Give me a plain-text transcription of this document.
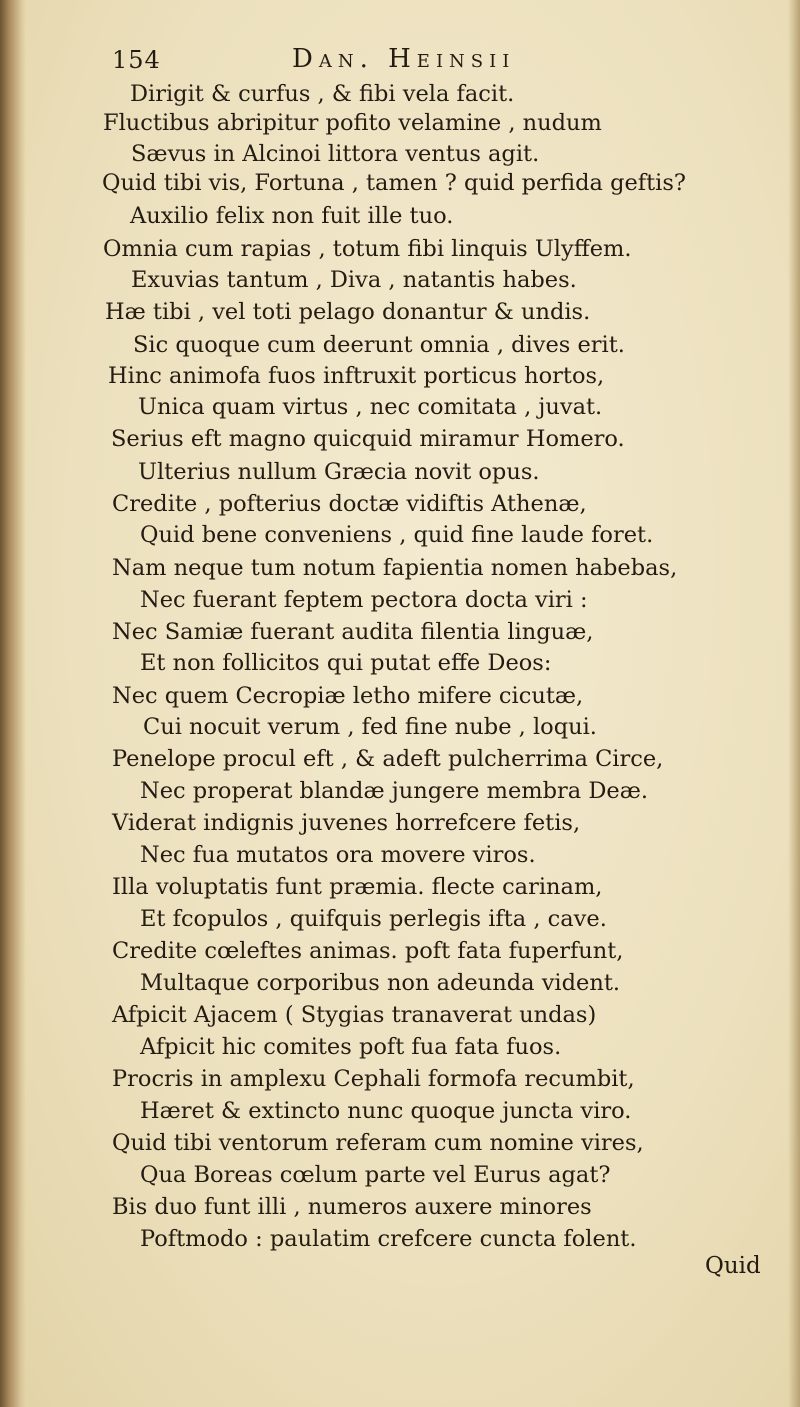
154	Dan. Heinsii
Dirigit & curfus , & fibi vela facit.
Fluctibus abripitur pofito velamine , nudum
Sævus in Alcinoi littora ventus agit.
Quid tibi vis, Fortuna , tamen ? quid perfida geftis?
Auxilio felix non fuit ille tuo.
Omnia cum rapias , totum fibi linquis Ulyffem.
Exuvias tantum , Diva , natantis habes.
Hæ tibi , vel toti pelago donantur & undis.
Sic quoque cum deerunt omnia , dives erit.
Hinc animofa fuos inftruxit porticus hortos,
Unica quam virtus , nec comitata , juvat.
Serius eft magno quicquid miramur Homero.
Ulterius nullum Græcia novit opus.
Credite , pofterius doctæ vidiftis Athenæ,
Quid bene conveniens , quid fine laude foret.
Nam neque tum notum fapientia nomen habebas,
Nec fuerant feptem pectora docta viri :
Nec Samiæ fuerant audita filentia linguæ,
Et non follicitos qui putat effe Deos:
Nec quem Cecropiæ letho mifere cicutæ,
Cui nocuit verum , fed fine nube , loqui.
Penelope procul eft , & adeft pulcherrima Circe,
Nec properat blandæ jungere membra Deæ.
Viderat indignis juvenes horrefcere fetis,
Nec fua mutatos ora movere viros.
Illa voluptatis funt præmia. flecte carinam,
Et fcopulos , quifquis perlegis ifta , cave.
Credite cœleftes animas. poft fata fuperfunt,
Multaque corporibus non adeunda vident.
Afpicit Ajacem ( Stygias tranaverat undas)
Afpicit hic comites poft fua fata fuos.
Procris in amplexu Cephali formofa recumbit,
Hæret & extincto nunc quoque juncta viro.
Quid tibi ventorum referam cum nomine vires,
Qua Boreas cœlum parte vel Eurus agat?
Bis duo funt illi , numeros auxere minores
Poftmodo : paulatim crefcere cuncta folent.
Quid
